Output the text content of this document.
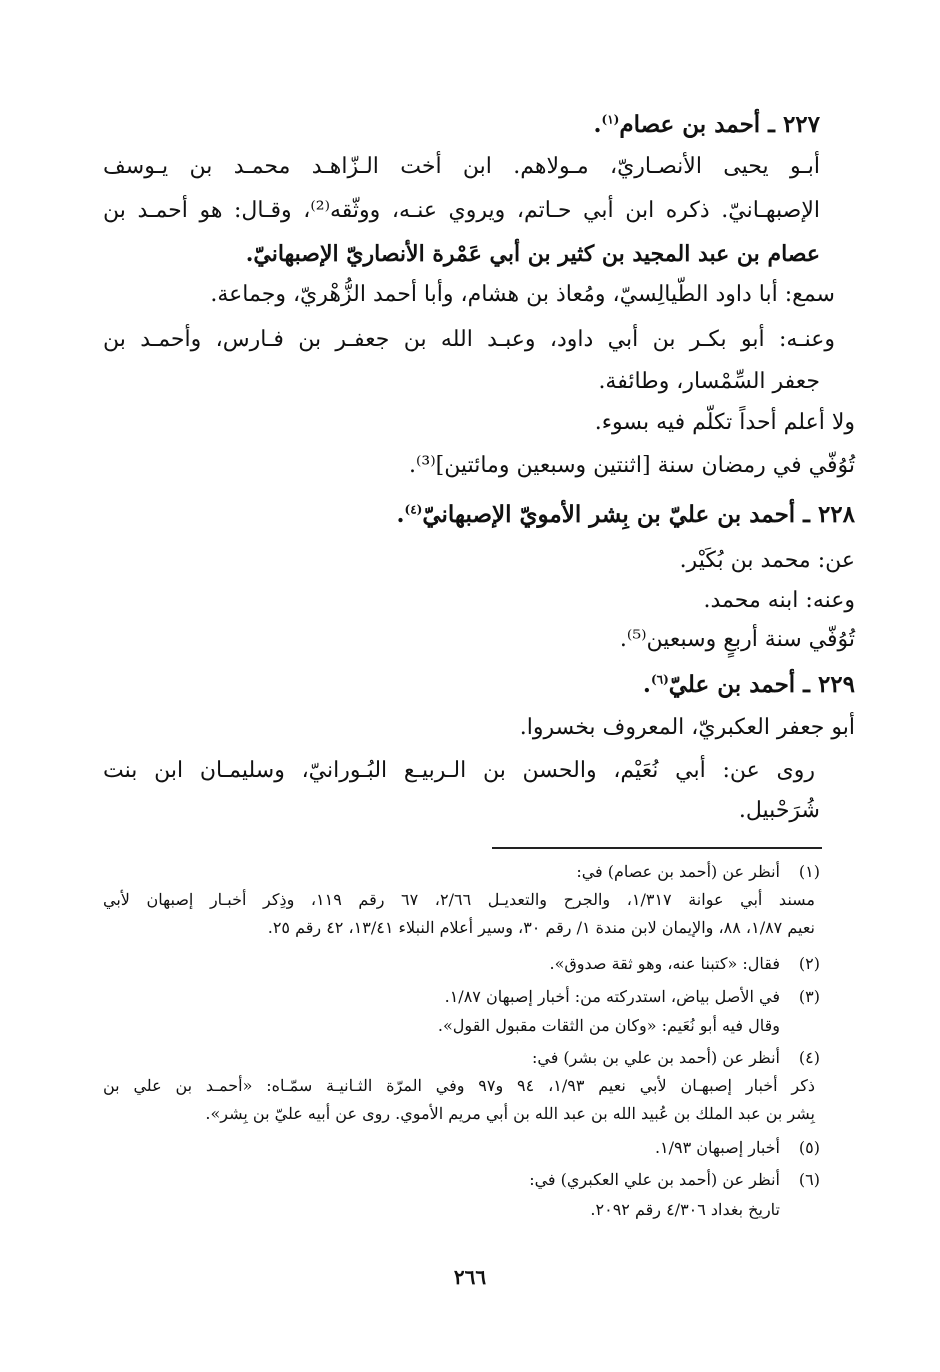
٢٢٧ ـ أحمد بن عصام$^{(١)}$.
أبـو يحيى الأنصـاريّ، مـولاهم. ابن أخت الـزّاهـد محمـد بن يـوسف
الإصبهـانيّ. ذكره ابن أبي حـاتم، ويروي عنـه، ووثّقه⁽²⁾، وقـال: هو أحمـد بن
عصام بن عبد المجيد بن كثير بن أبي عَمْرة الأنصاريّ الإصبهانيّ.
سمع: أبا داود الطّيالِسيّ، ومُعاذ بن هشام، وأبا أحمد الزُّهْريّ، وجماعة.
وعنـه: أبو بكـر بن أبي داود، وعبـد الله بن جعفـر بن فـارس، وأحمـد بن
جعفر السِّمْسار، وطائفة.
ولا أعلم أحداً تكلّم فيه بسوء.
تُوُفّي في رمضان سنة [اثنتين وسبعين ومائتين]⁽³⁾.
٢٢٨ ـ أحمد بن عليّ بن بِشر الأمويّ الإصبهانيّ$^{(٤)}$.
عن: محمد بن بُكَيْر.
وعنه: ابنه محمد.
تُوُفّي سنة أربعٍ وسبعين⁽⁵⁾.
٢٢٩ ـ أحمد بن عليّ$^{(٦)}$.
أبو جعفر العكبريّ، المعروف بخسروا.
روى عن: أبي نُعَيْم، والحسن بن الـربيـع البُـورانيّ، وسليمـان ابن بنت
شُرَحْبيل.
(١)
أنظر عن (أحمد بن عصام) في:
مسند أبي عوانة ١/٣١٧، والجرح والتعديـل ٢/٦٦، ٦٧ رقم ١١٩، وذِكر أخبـار إصبهان لأبي
نعيم ١/٨٧، ٨٨، والإيمان لابن مندة ١/ رقم ٣٠، وسير أعلام النبلاء ١٣/٤١، ٤٢ رقم ٢٥.
(٢)
فقال: «كتبنا عنه، وهو ثقة صدوق».
(٣)
في الأصل بياض، استدركته من: أخبار إصبهان ١/٨٧.
وقال فيه أبو نُعَيم: «وكان من الثقات مقبول القول».
(٤)
أنظر عن (أحمد بن علي بن بشر) في:
ذكر أخبار إصبهـان لأبي نعيم ١/٩٣، ٩٤ و٩٧ وفي المرّة الثـانيـة سمّـاه: «أحمـد بن علي بن
بِشر بن عبد الملك بن عُبيد الله بن عبد الله بن أبي مريم الأموي. روى عن أبيه عليّ بن بِشر».
(٥)
أخبار إصبهان ١/٩٣.
(٦)
أنظر عن (أحمد بن علي العكبري) في:
تاريخ بغداد ٤/٣٠٦ رقم ٢٠٩٢.
٢٦٦
